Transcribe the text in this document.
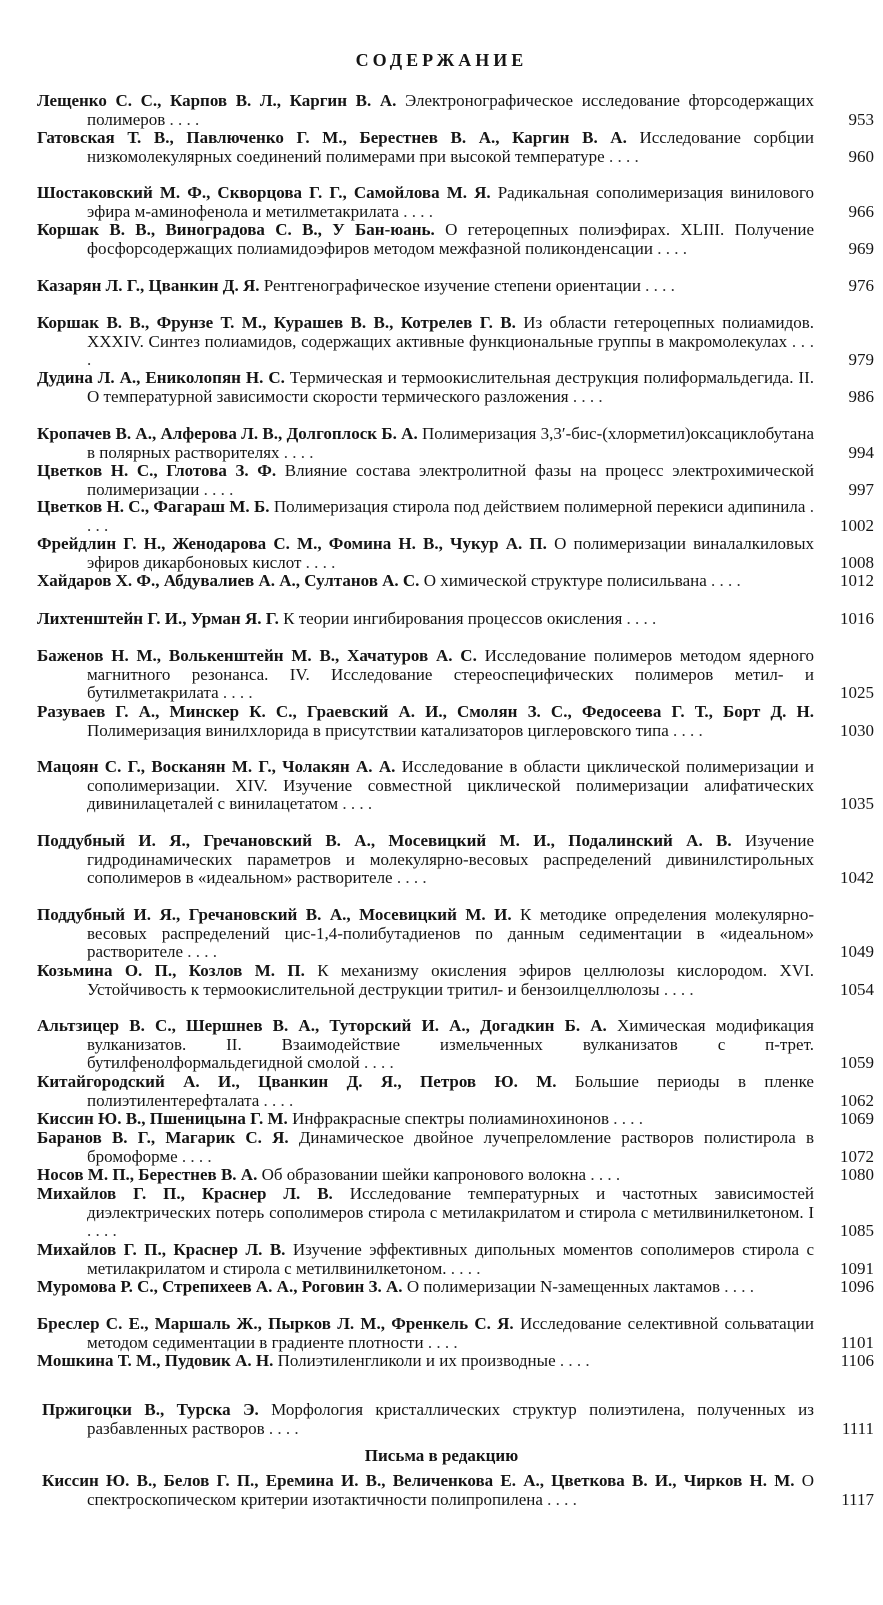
СОДЕРЖАНИЕ
Лещенко С. С., Карпов В. Л., Каргин В. А. Электронографическое исследование фторсодержащих полимеров . . . .	953
Гатовская Т. В., Павлюченко Г. М., Берестнев В. А., Каргин В. А. Исследование сорбции низкомолекулярных соединений полимерами при высокой температуре . . . .	960
Шостаковский М. Ф., Скворцова Г. Г., Самойлова М. Я. Радикальная сополимеризация винилового эфира м-аминофенола и метилметакрилата . . . .	966
Коршак В. В., Виноградова С. В., У Бан-юань. О гетероцепных полиэфирах. XLIII. Получение фосфорсодержащих полиамидоэфиров методом межфазной поликонденсации . . . .	969
Казарян Л. Г., Цванкин Д. Я. Рентгенографическое изучение степени ориентации . . . .	976
Коршак В. В., Фрунзе Т. М., Курашев В. В., Котрелев Г. В. Из области гетероцепных полиамидов. XXXIV. Синтез полиамидов, содержащих активные функциональные группы в макромолекулах . . . .	979
Дудина Л. А., Ениколопян Н. С. Термическая и термоокислительная деструкция полиформальдегида. II. О температурной зависимости скорости термического разложения . . . .	986
Кропачев В. А., Алферова Л. В., Долгоплоск Б. А. Полимеризация 3,3′-бис-(хлорметил)оксациклобутана в полярных растворителях . . . .	994
Цветков Н. С., Глотова З. Ф. Влияние состава электролитной фазы на процесс электрохимической полимеризации . . . .	997
Цветков Н. С., Фагараш М. Б. Полимеризация стирола под действием полимерной перекиси адипинила . . . .	1002
Фрейдлин Г. Н., Женодарова С. М., Фомина Н. В., Чукур А. П. О полимеризации виналалкиловых эфиров дикарбоновых кислот . . . .	1008
Хайдаров Х. Ф., Абдувалиев А. А., Султанов А. С. О химической структуре полисильвана . . . .	1012
Лихтенштейн Г. И., Урман Я. Г. К теории ингибирования процессов окисления . . . .	1016
Баженов Н. М., Волькенштейн М. В., Хачатуров А. С. Исследование полимеров методом ядерного магнитного резонанса. IV. Исследование стереоспецифических полимеров метил- и бутилметакрилата . . . .	1025
Разуваев Г. А., Минскер К. С., Граевский А. И., Смолян З. С., Федосеева Г. Т., Борт Д. Н. Полимеризация винилхлорида в присутствии катализаторов циглеровского типа . . . .	1030
Мацоян С. Г., Восканян М. Г., Чолакян А. А. Исследование в области циклической полимеризации и сополимеризации. XIV. Изучение совместной циклической полимеризации алифатических дивинилацеталей с винилацетатом . . . .	1035
Поддубный И. Я., Гречановский В. А., Мосевицкий М. И., Подалинский А. В. Изучение гидродинамических параметров и молекулярно-весовых распределений дивинилстирольных сополимеров в «идеальном» растворителе . . . .	1042
Поддубный И. Я., Гречановский В. А., Мосевицкий М. И. К методике определения молекулярно-весовых распределений цис-1,4-полибутадиенов по данным седиментации в «идеальном» растворителе . . . .	1049
Козьмина О. П., Козлов М. П. К механизму окисления эфиров целлюлозы кислородом. XVI. Устойчивость к термоокислительной деструкции тритил- и бензоилцеллюлозы . . . .	1054
Альтзицер В. С., Шершнев В. А., Туторский И. А., Догадкин Б. А. Химическая модификация вулканизатов. II. Взаимодействие измельченных вулканизатов с п-трет. бутилфенолформальдегидной смолой . . . .	1059
Китайгородский А. И., Цванкин Д. Я., Петров Ю. М. Большие периоды в пленке полиэтилентерефталата . . . .	1062
Киссин Ю. В., Пшеницына Г. М. Инфракрасные спектры полиаминохинонов . . . .	1069
Баранов В. Г., Магарик С. Я. Динамическое двойное лучепреломление растворов полистирола в бромоформе . . . .	1072
Носов М. П., Берестнев В. А. Об образовании шейки капронового волокна . . . .	1080
Михайлов Г. П., Краснер Л. В. Исследование температурных и частотных зависимостей диэлектрических потерь сополимеров стирола с метилакрилатом и стирола с метилвинилкетоном. I . . . .	1085
Михайлов Г. П., Краснер Л. В. Изучение эффективных дипольных моментов сополимеров стирола с метилакрилатом и стирола с метилвинилкетоном. . . . .	1091
Муромова Р. С., Стрепихеев А. А., Роговин З. А. О полимеризации N-замещенных лактамов . . . .	1096
Бреслер С. Е., Маршаль Ж., Пырков Л. М., Френкель С. Я. Исследование селективной сольватации методом седиментации в градиенте плотности . . . .	1101
Мошкина Т. М., Пудовик А. Н. Полиэтиленгликоли и их производные . . . .	1106
Пржигоцки В., Турска Э. Морфология кристаллических структур полиэтилена, полученных из разбавленных растворов . . . .	1111
Письма в редакцию
Киссин Ю. В., Белов Г. П., Еремина И. В., Величенкова Е. А., Цветкова В. И., Чирков Н. М. О спектроскопическом критерии изотактичности полипропилена . . . .	1117
